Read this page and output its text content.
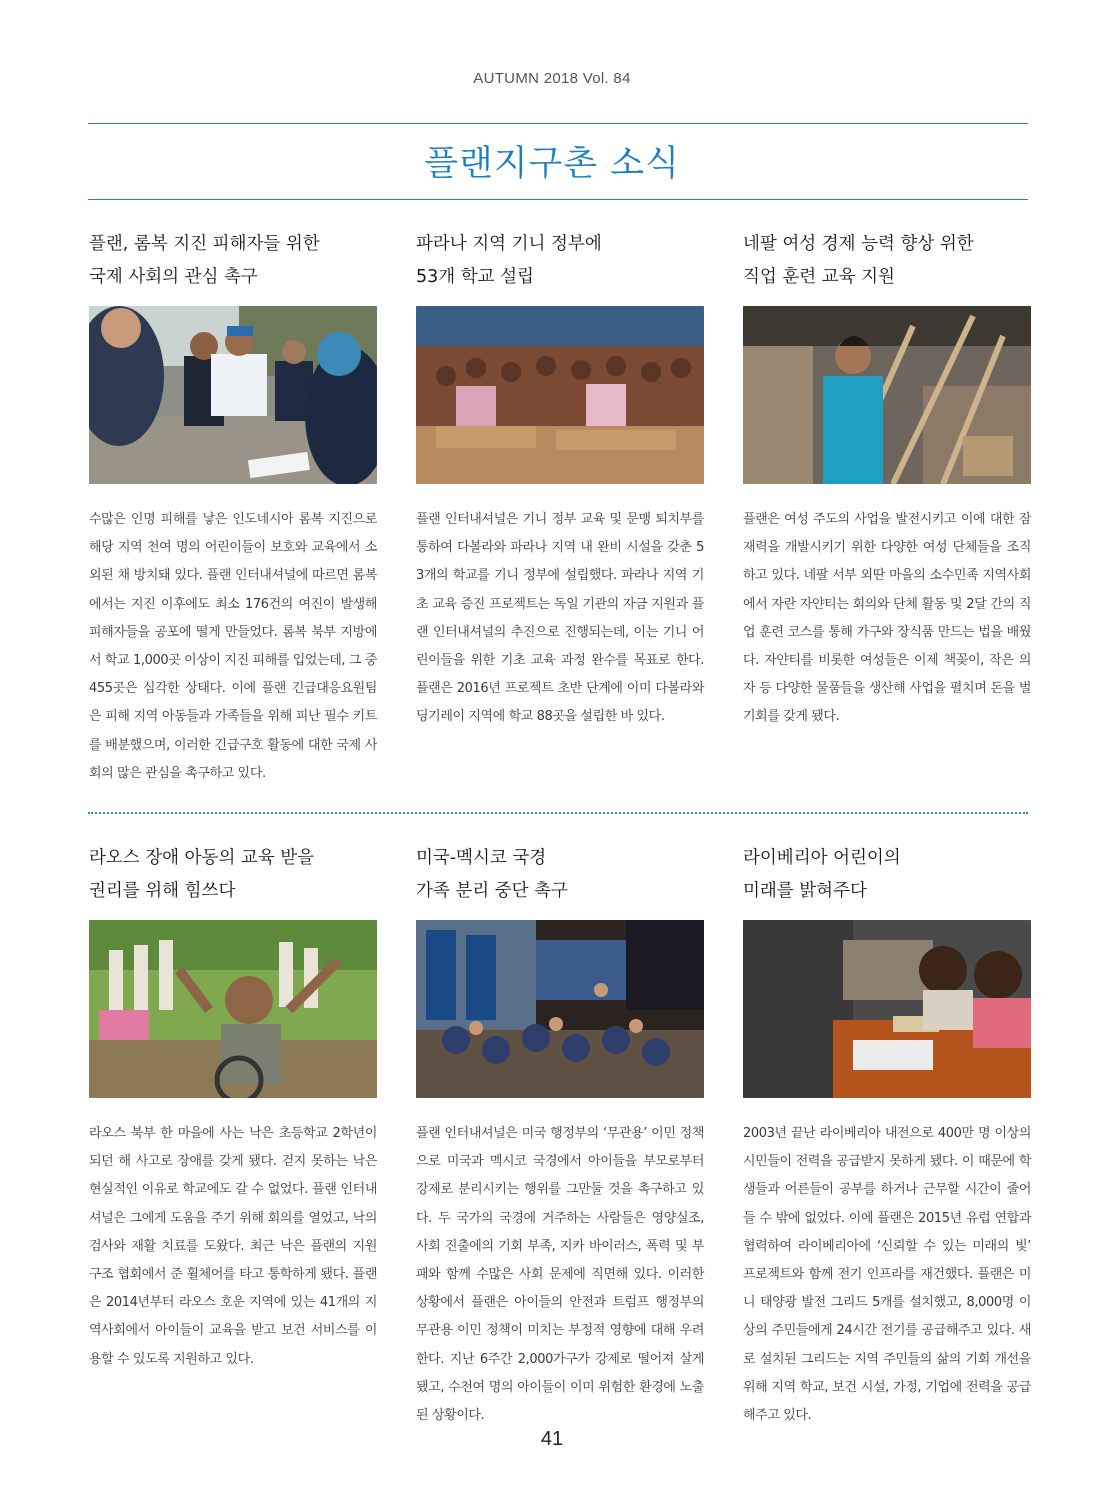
AUTUMN 2018 Vol. 84
플랜지구촌 소식
플랜, 롬복 지진 피해자들 위한
국제 사회의 관심 촉구

수많은 인명 피해를 낳은 인도네시아 롬복 지진으로 해당 지역 천여 명의 어린이들이 보호와 교육에서 소외된 채 방치돼 있다. 플랜 인터내셔널에 따르면 롬복에서는 지진 이후에도 최소 176건의 여진이 발생해 피해자들을 공포에 떨게 만들었다. 롬복 북부 지방에서 학교 1,000곳 이상이 지진 피해를 입었는데, 그 중 455곳은 심각한 상태다. 이에 플랜 긴급대응요원팀은 피해 지역 아동들과 가족들을 위해 피난 필수 키트를 배분했으며, 이러한 긴급구호 활동에 대한 국제 사회의 많은 관심을 촉구하고 있다.

파라나 지역 기니 정부에
53개 학교 설립

플랜 인터내셔널은 기니 정부 교육 및 문맹 퇴치부를 통하여 다볼라와 파라나 지역 내 완비 시설을 갖춘 53개의 학교를 기니 정부에 설립했다. 파라나 지역 기초 교육 증진 프로젝트는 독일 기관의 자금 지원과 플랜 인터내셔널의 추진으로 진행되는데, 이는 기니 어린이들을 위한 기초 교육 과정 완수를 목표로 한다. 플랜은 2016년 프로젝트 초반 단계에 이미 다볼라와 딩기레이 지역에 학교 88곳을 설립한 바 있다.

네팔 여성 경제 능력 향상 위한
직업 훈련 교육 지원

플랜은 여성 주도의 사업을 발전시키고 이에 대한 잠재력을 개발시키기 위한 다양한 여성 단체들을 조직하고 있다. 네팔 서부 외딴 마을의 소수민족 지역사회에서 자란 자얀티는 회의와 단체 활동 및 2달 간의 직업 훈련 코스를 통해 가구와 장식품 만드는 법을 배웠다. 자얀티를 비롯한 여성들은 이제 책꽂이, 작은 의자 등 다양한 물품들을 생산해 사업을 펼치며 돈을 벌 기회를 갖게 됐다.

라오스 장애 아동의 교육 받을
권리를 위해 힘쓰다

라오스 북부 한 마을에 사는 낙은 초등학교 2학년이 되던 해 사고로 장애를 갖게 됐다. 걷지 못하는 낙은 현실적인 이유로 학교에도 갈 수 없었다. 플랜 인터내셔널은 그에게 도움을 주기 위해 회의를 열었고, 낙의 검사와 재활 치료를 도왔다. 최근 낙은 플랜의 지원 구조 협회에서 준 휠체어를 타고 통학하게 됐다. 플랜은 2014년부터 라오스 호운 지역에 있는 41개의 지역사회에서 아이들이 교육을 받고 보건 서비스를 이용할 수 있도록 지원하고 있다.

미국-멕시코 국경
가족 분리 중단 촉구

플랜 인터내셔널은 미국 행정부의 ‘무관용’ 이민 정책으로 미국과 멕시코 국경에서 아이들을 부모로부터 강제로 분리시키는 행위를 그만둘 것을 촉구하고 있다. 두 국가의 국경에 거주하는 사람들은 영양실조, 사회 진출에의 기회 부족, 지카 바이러스, 폭력 및 부패와 함께 수많은 사회 문제에 직면해 있다. 이러한 상황에서 플랜은 아이들의 안전과 트럼프 행정부의 무관용 이민 정책이 미치는 부정적 영향에 대해 우려한다. 지난 6주간 2,000가구가 강제로 떨어져 살게 됐고, 수천여 명의 아이들이 이미 위험한 환경에 노출된 상황이다.

라이베리아 어린이의
미래를 밝혀주다

2003년 끝난 라이베리아 내전으로 400만 명 이상의 시민들이 전력을 공급받지 못하게 됐다. 이 때문에 학생들과 어른들이 공부를 하거나 근무할 시간이 줄어들 수 밖에 없었다. 이에 플랜은 2015년 유럽 연합과 협력하여 라이베리아에 ‘신뢰할 수 있는 미래의 빛’ 프로젝트와 함께 전기 인프라를 재건했다. 플랜은 미니 태양광 발전 그리드 5개를 설치했고, 8,000명 이상의 주민들에게 24시간 전기를 공급해주고 있다. 새로 설치된 그리드는 지역 주민들의 삶의 기회 개선을 위해 지역 학교, 보건 시설, 가정, 기업에 전력을 공급해주고 있다.

41
